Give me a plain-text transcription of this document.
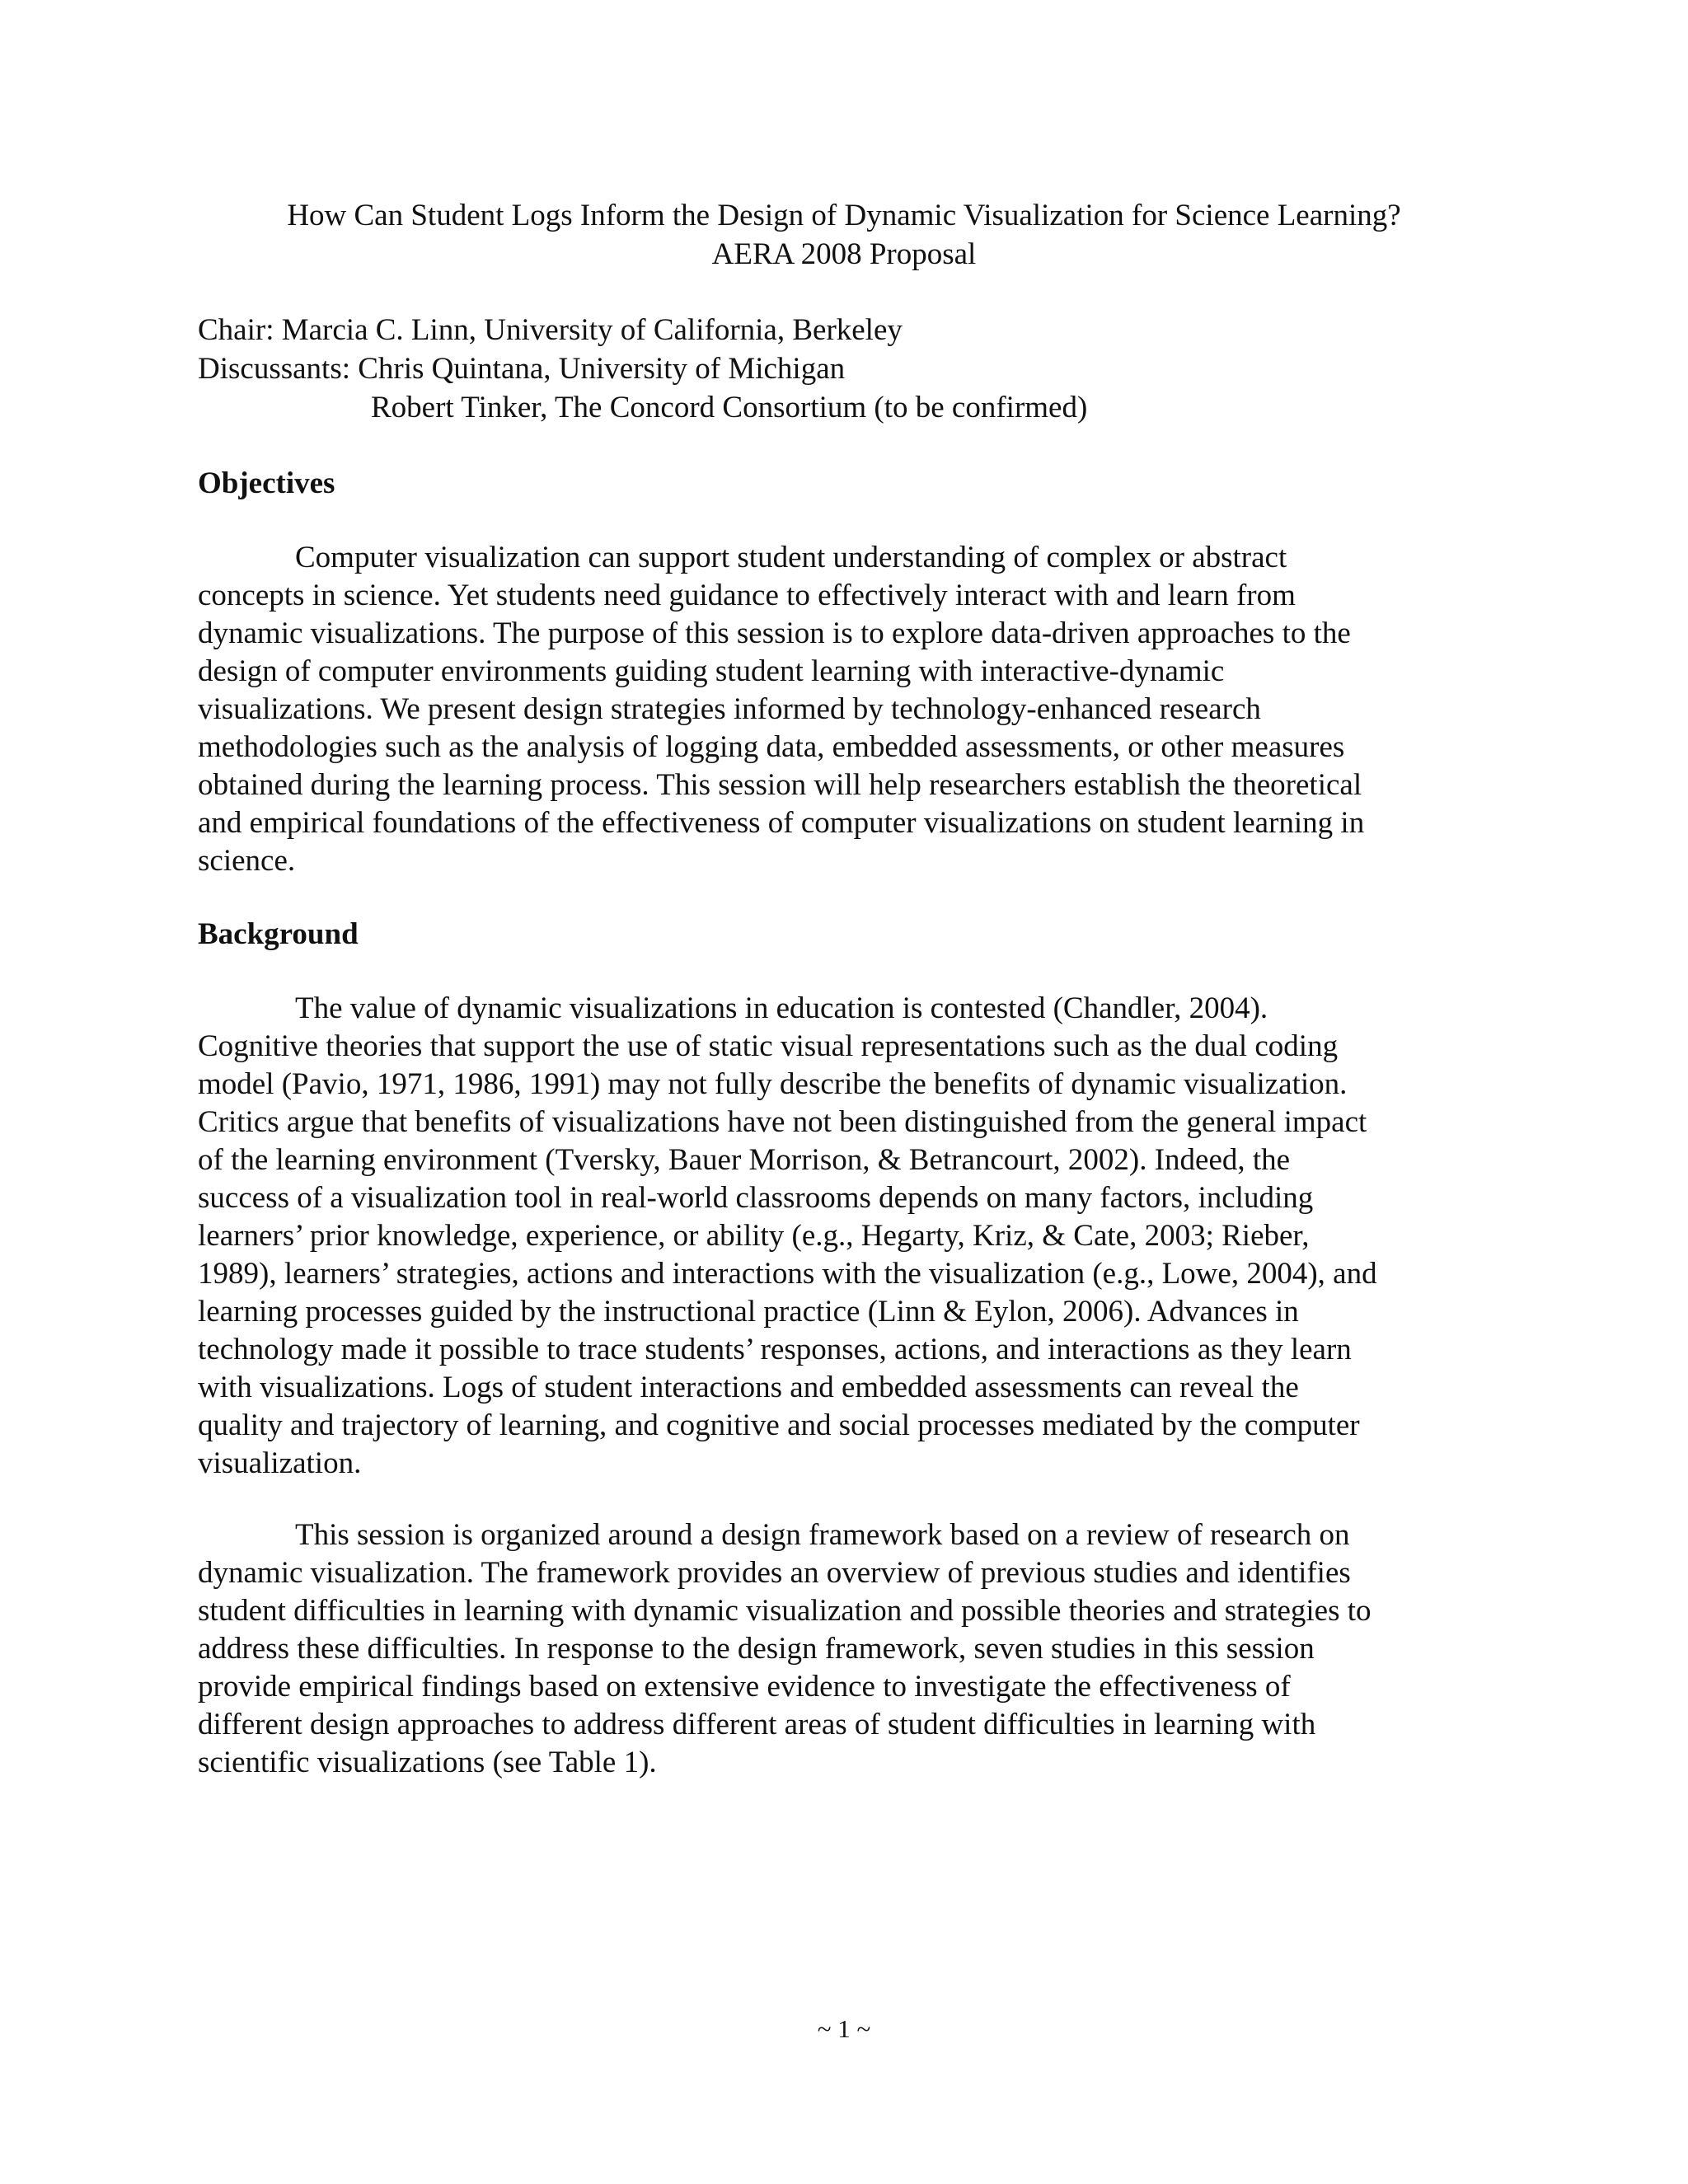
How Can Student Logs Inform the Design of Dynamic Visualization for Science Learning?
AERA 2008 Proposal
Chair: Marcia C. Linn, University of California, Berkeley
Discussants: Chris Quintana, University of Michigan
Robert Tinker, The Concord Consortium (to be confirmed)
Objectives
Computer visualization can support student understanding of complex or abstract
concepts in science. Yet students need guidance to effectively interact with and learn from
dynamic visualizations. The purpose of this session is to explore data-driven approaches to the
design of computer environments guiding student learning with interactive-dynamic
visualizations. We present design strategies informed by technology-enhanced research
methodologies such as the analysis of logging data, embedded assessments, or other measures
obtained during the learning process. This session will help researchers establish the theoretical
and empirical foundations of the effectiveness of computer visualizations on student learning in
science.
Background
The value of dynamic visualizations in education is contested (Chandler, 2004).
Cognitive theories that support the use of static visual representations such as the dual coding
model (Pavio, 1971, 1986, 1991) may not fully describe the benefits of dynamic visualization.
Critics argue that benefits of visualizations have not been distinguished from the general impact
of the learning environment (Tversky, Bauer Morrison, & Betrancourt, 2002). Indeed, the
success of a visualization tool in real-world classrooms depends on many factors, including
learners’ prior knowledge, experience, or ability (e.g., Hegarty, Kriz, & Cate, 2003; Rieber,
1989), learners’ strategies, actions and interactions with the visualization (e.g., Lowe, 2004), and
learning processes guided by the instructional practice (Linn & Eylon, 2006). Advances in
technology made it possible to trace students’ responses, actions, and interactions as they learn
with visualizations. Logs of student interactions and embedded assessments can reveal the
quality and trajectory of learning, and cognitive and social processes mediated by the computer
visualization.
This session is organized around a design framework based on a review of research on
dynamic visualization. The framework provides an overview of previous studies and identifies
student difficulties in learning with dynamic visualization and possible theories and strategies to
address these difficulties. In response to the design framework, seven studies in this session
provide empirical findings based on extensive evidence to investigate the effectiveness of
different design approaches to address different areas of student difficulties in learning with
scientific visualizations (see Table 1).
~ 1 ~
